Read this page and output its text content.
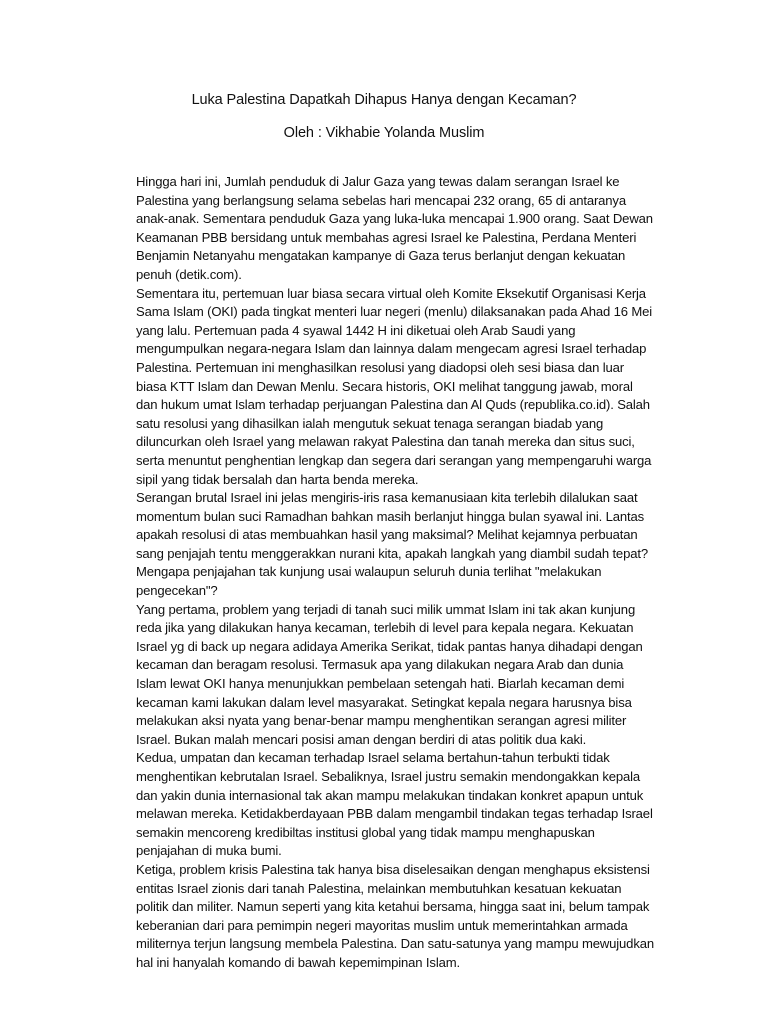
Luka Palestina Dapatkah Dihapus Hanya dengan Kecaman?
Oleh : Vikhabie Yolanda Muslim

Hingga hari ini, Jumlah penduduk di Jalur Gaza yang tewas dalam serangan Israel ke Palestina yang berlangsung selama sebelas hari mencapai 232 orang, 65 di antaranya anak-anak. Sementara penduduk Gaza yang luka-luka mencapai 1.900 orang. Saat Dewan Keamanan PBB bersidang untuk membahas agresi Israel ke Palestina, Perdana Menteri Benjamin Netanyahu mengatakan kampanye di Gaza terus berlanjut dengan kekuatan penuh (detik.com).

Sementara itu, pertemuan luar biasa secara virtual oleh Komite Eksekutif Organisasi Kerja Sama Islam (OKI) pada tingkat menteri luar negeri (menlu) dilaksanakan pada Ahad 16 Mei yang lalu. Pertemuan pada 4 syawal 1442 H ini diketuai oleh Arab Saudi yang mengumpulkan negara-negara Islam dan lainnya dalam mengecam agresi Israel terhadap Palestina. Pertemuan ini menghasilkan resolusi yang diadopsi oleh sesi biasa dan luar biasa KTT Islam dan Dewan Menlu. Secara historis, OKI melihat tanggung jawab, moral dan hukum umat Islam terhadap perjuangan Palestina dan Al Quds (republika.co.id). Salah satu resolusi yang dihasilkan ialah mengutuk sekuat tenaga serangan biadab yang diluncurkan oleh Israel yang melawan rakyat Palestina dan tanah mereka dan situs suci, serta menuntut penghentian lengkap dan segera dari serangan yang mempengaruhi warga sipil yang tidak bersalah dan harta benda mereka.

Serangan brutal Israel ini jelas mengiris-iris rasa kemanusiaan kita terlebih dilalukan saat momentum bulan suci Ramadhan bahkan masih berlanjut hingga bulan syawal ini. Lantas apakah resolusi di atas membuahkan hasil yang maksimal? Melihat kejamnya perbuatan sang penjajah tentu menggerakkan nurani kita, apakah langkah yang diambil sudah tepat? Mengapa penjajahan tak kunjung usai walaupun seluruh dunia terlihat "melakukan pengecekan"?

Yang pertama, problem yang terjadi di tanah suci milik ummat Islam ini tak akan kunjung reda jika yang dilakukan hanya kecaman, terlebih di level para kepala negara. Kekuatan Israel yg di back up negara adidaya Amerika Serikat, tidak pantas hanya dihadapi dengan kecaman dan beragam resolusi. Termasuk apa yang dilakukan negara Arab dan dunia Islam lewat OKI hanya menunjukkan pembelaan setengah hati. Biarlah kecaman demi kecaman kami lakukan dalam level masyarakat. Setingkat kepala negara harusnya bisa melakukan aksi nyata yang benar-benar mampu menghentikan serangan agresi militer Israel. Bukan malah mencari posisi aman dengan berdiri di atas politik dua kaki.

Kedua, umpatan dan kecaman terhadap Israel selama bertahun-tahun terbukti tidak menghentikan kebrutalan Israel. Sebaliknya, Israel justru semakin mendongakkan kepala dan yakin dunia internasional tak akan mampu melakukan tindakan konkret apapun untuk melawan mereka. Ketidakberdayaan PBB dalam mengambil tindakan tegas terhadap Israel semakin mencoreng kredibiltas institusi global yang tidak mampu menghapuskan penjajahan di muka bumi.

Ketiga, problem krisis Palestina tak hanya bisa diselesaikan dengan menghapus eksistensi entitas Israel zionis dari tanah Palestina, melainkan membutuhkan kesatuan kekuatan politik dan militer. Namun seperti yang kita ketahui bersama, hingga saat ini, belum tampak keberanian dari para pemimpin negeri mayoritas muslim untuk memerintahkan armada militernya terjun langsung membela Palestina. Dan satu-satunya yang mampu mewujudkan hal ini hanyalah komando di bawah kepemimpinan Islam.
